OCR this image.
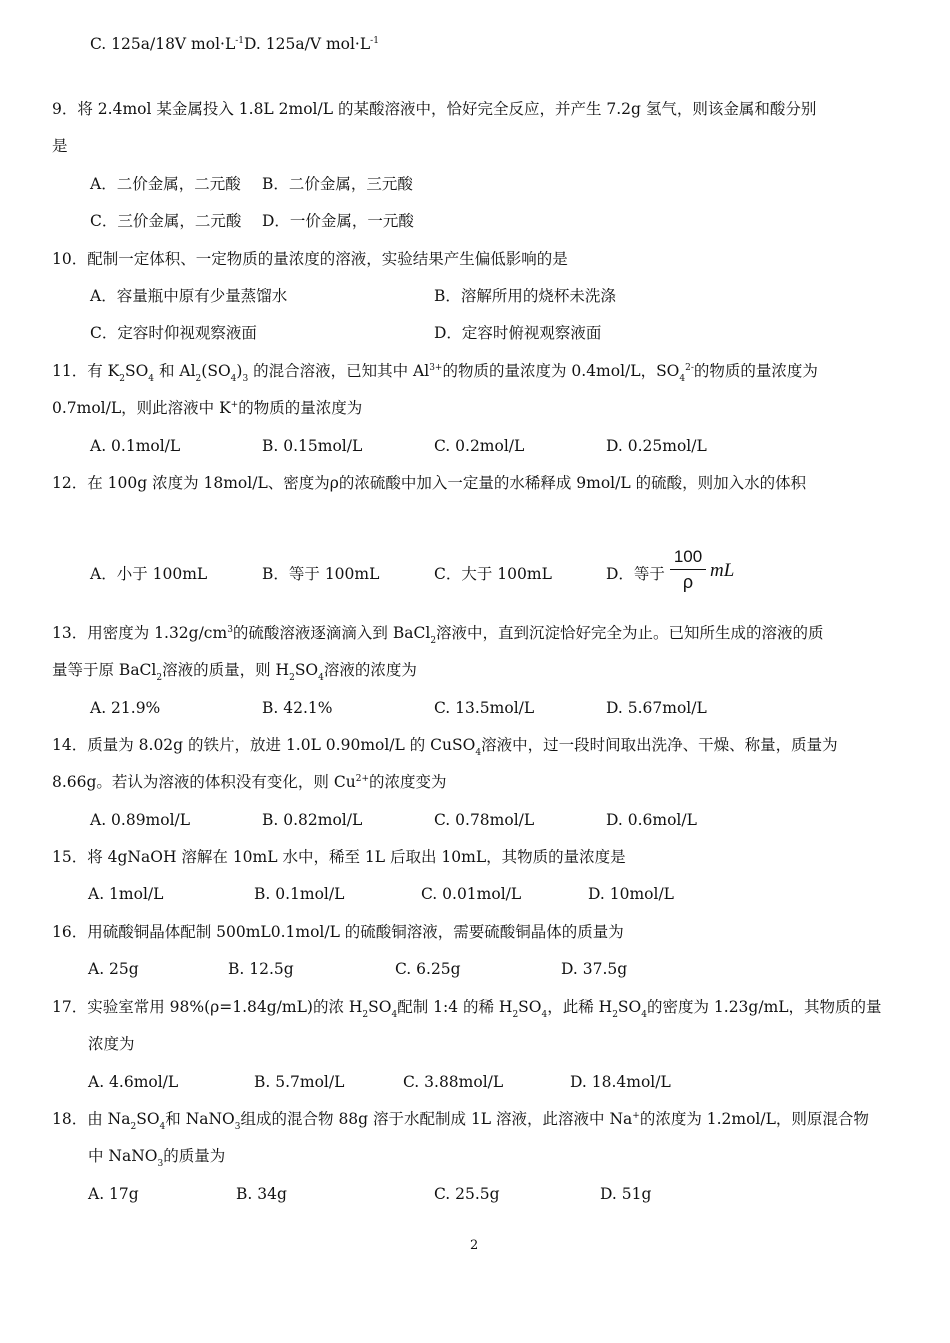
C. 125a/18V $mol\cdot L^{-1}D$. 125a/V $mol\cdot L^{-1}$
9．将 2.4mol 某金属投入 1.8L 2mol/L 的某酸溶液中，恰好完全反应，并产生 7.2g 氢气，则该金属和酸分别
是
A．二价金属，二元酸 B．二价金属，三元酸
C．三价金属，二元酸 D．一价金属，一元酸
10．配制一定体积、一定物质的量浓度的溶液，实验结果产生偏低影响的是
A．容量瓶中原有少量蒸馏水	B．溶解所用的烧杯未洗涤
C．定容时仰视观察液面	D．定容时俯视观察液面
11．有 $K_2SO_4$ 和 $Al_2(SO_4)_3$ 的混合溶液，已知其中 $Al^{3+}$的物质的量浓度为 0.4mol/L，$SO_4^{2-}$的物质的量浓度为
0.7mol/L，则此溶液中 K+的物质的量浓度为
A. 0.1mol/L	B. 0.15mol/L	C. 0.2mol/L	D. 0.25mol/L
12．在 100g 浓度为 18mol/L、密度为ρ的浓硫酸中加入一定量的水稀释成 9mol/L 的硫酸，则加入水的体积
A．小于 100mL	B．等于 100mL	C．大于 100mL	D．等于
100
ρ
mL
13．用密度为 $1.32g/cm^3$的硫酸溶液逐滴滴入到 BaCl$_2$溶液中，直到沉淀恰好完全为止。已知所生成的溶液的质
量等于原 BaCl$_2$溶液的质量，则 $H_2SO_4$溶液的浓度为
A. 21.9%	B. 42.1%	C. 13.5mol/L	D. 5.67mol/L
14．质量为 8.02g 的铁片，放进 1.0L 0.90mol/L 的 CuSO$_4$溶液中，过一段时间取出洗净、干燥、称量，质量为
8.66g。若认为溶液的体积没有变化，则 $Cu^{2+}$的浓度变为
A. 0.89mol/L	B. 0.82mol/L	C. 0.78mol/L	D. 0.6mol/L
15．将 4gNaOH 溶解在 10mL 水中，稀至 1L 后取出 10mL，其物质的量浓度是
A. 1mol/L	B. 0.1mol/L	C. 0.01mol/L	D. 10mol/L
16．用硫酸铜晶体配制 500mL0.1mol/L 的硫酸铜溶液，需要硫酸铜晶体的质量为
A. 25g	B. 12.5g	C. 6.25g	D. 37.5g
17．实验室常用 98%(ρ=1.84g/mL)的浓 $H_2SO_4$配制 1:4 的稀 $H_2SO_4$，此稀 $H_2SO_4$的密度为 1.23g/mL，其物质的量
浓度为
A. 4.6mol/L	B. 5.7mol/L	C. 3.88mol/L	D. 18.4mol/L
18．由 $Na_2SO_4$和 NaNO$_3$组成的混合物 88g 溶于水配制成 1L 溶液，此溶液中 Na+的浓度为 1.2mol/L，则原混合物
中 NaNO$_3$的质量为
A. 17g	B. 34g	C. 25.5g	D. 51g
2
